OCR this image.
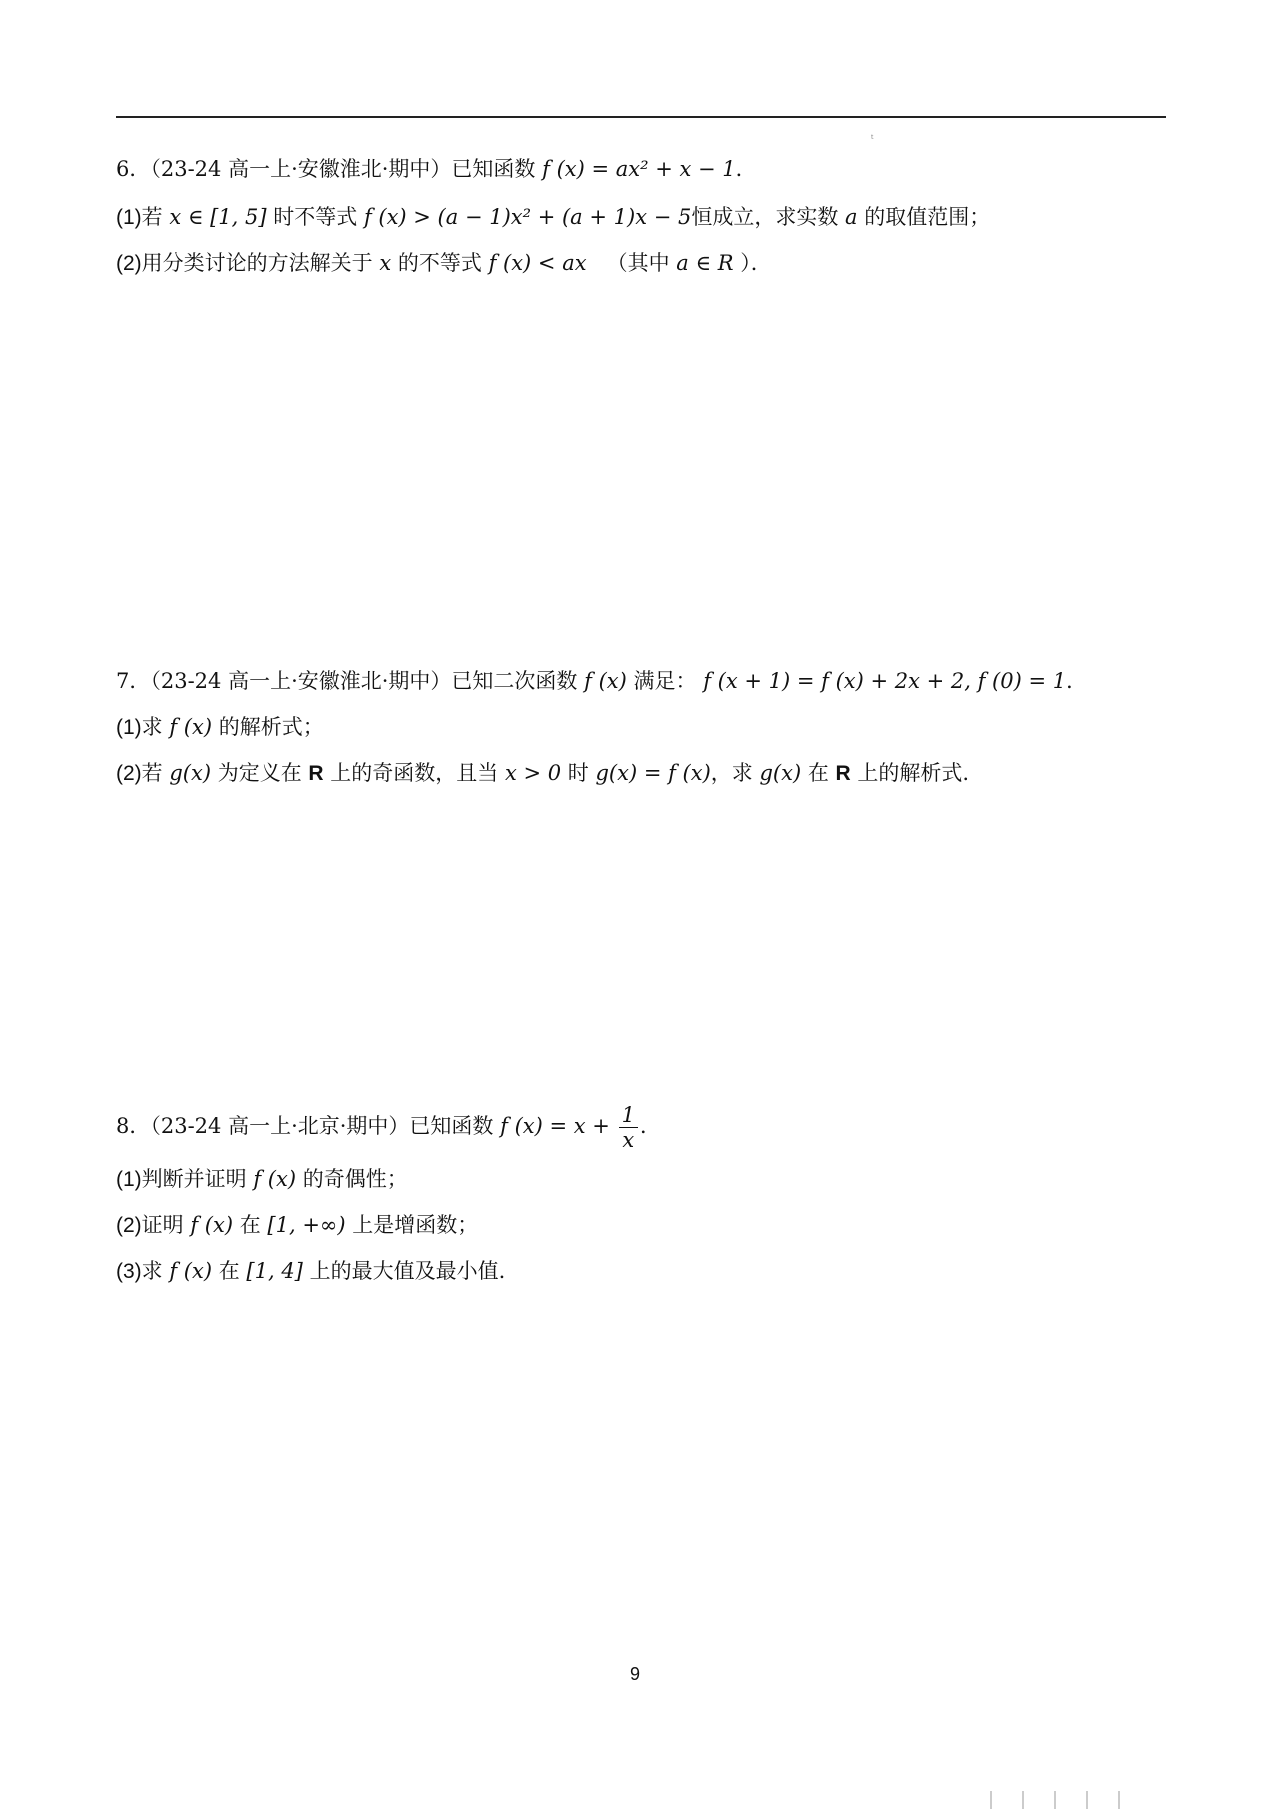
t
6．（23-24 高一上·安徽淮北·期中）已知函数 f (x) = ax² + x − 1．
(1)若 x ∈ [1, 5] 时不等式 f (x) > (a − 1)x² + (a + 1)x − 5恒成立，求实数 a 的取值范围；
(2)用分类讨论的方法解关于 x 的不等式 f (x) < ax （其中 a ∈ R ）．
7．（23-24 高一上·安徽淮北·期中）已知二次函数 f (x) 满足： f (x + 1) = f (x) + 2x + 2, f (0) = 1．
(1)求 f (x) 的解析式；
(2)若 g(x) 为定义在 R 上的奇函数，且当 x > 0 时 g(x) = f (x)，求 g(x) 在 R 上的解析式.
8．（23-24 高一上·北京·期中）已知函数 f $(x) = x + \frac{1}{x}$ ．
(1)判断并证明 f (x) 的奇偶性；
(2)证明 f (x) 在 [1, +∞) 上是增函数；
(3)求 f (x) 在 [1, 4] 上的最大值及最小值.
9
